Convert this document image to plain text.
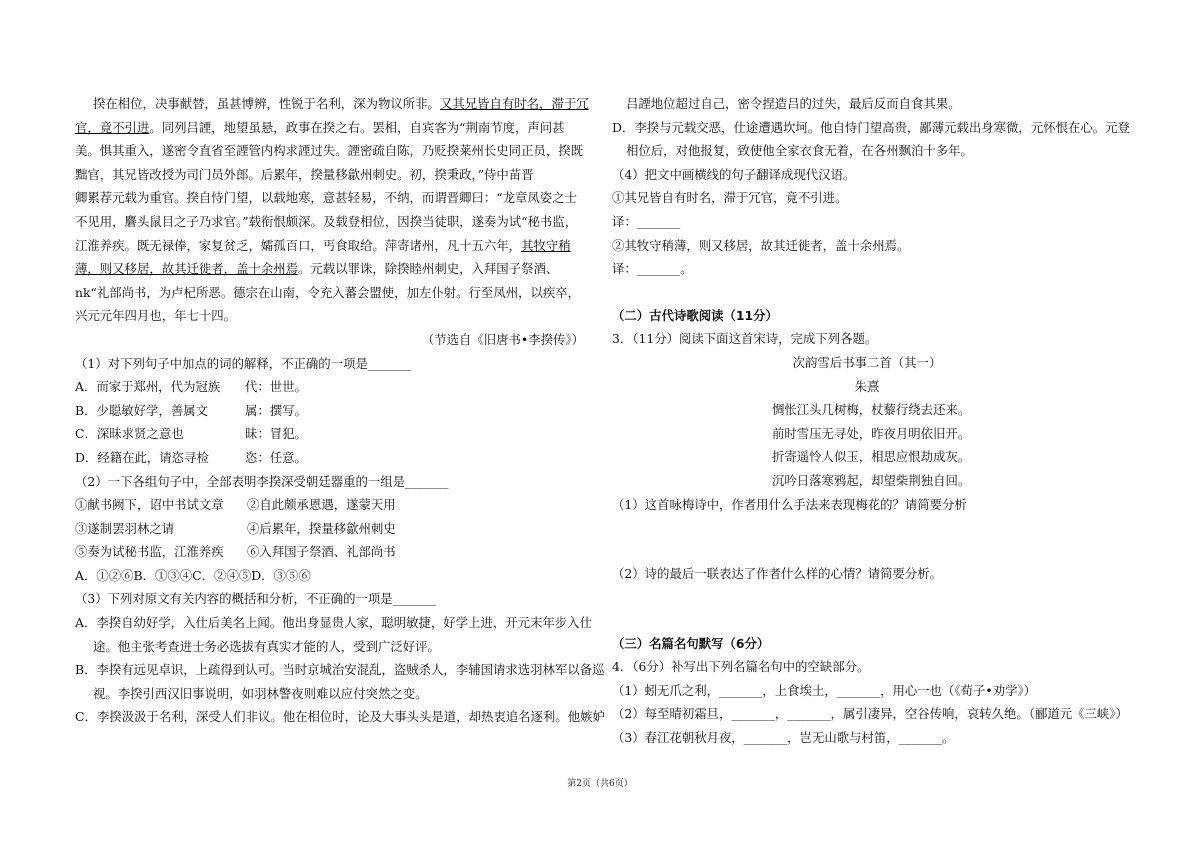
揆在相位，决事献替，虽甚博辨，性锐于名利，深为物议所非。又其兄皆自有时名，滞于冗
官，竟不引进。同列吕諲，地望虽悬，政事在揆之右。罢相，自宾客为“荆南节度，声问甚
美。惧其重入，遂密令直省至諲管内构求諲过失。諲密疏自陈，乃贬揆莱州长史同正员，揆既
黜官，其兄皆改授为司门员外郎。后累年，揆量移歙州刺史。初，揆秉政，”侍中苗晋
卿累荐元载为重官。揆自恃门望，以载地寒，意甚轻易，不纳，而谓晋卿曰：“龙章凤姿之士
不见用，麏头鼠目之子乃求官。”载衔恨颇深。及载登相位，因揆当徒职，遂奏为试“秘书监，
江淮养疾。既无禄俸，家复贫乏，孀孤百口，丐食取给。萍寄诸州，凡十五六年，其牧守稍
薄，则又移居，故其迁徙者，盖十余州焉。元载以罪诛，除揆睦州刺史，入拜国子祭酒、
nk“礼部尚书，为卢杞所恶。德宗在山南，令充入蕃会盟使，加左仆射。行至凤州，以疾卒，
兴元元年四月也，年七十四。
（节选自《旧唐书•李揆传》）
（1）对下列句子中加点的词的解释，不正确的一项是_______
A．而家于郑州，代为冠族	代：世世。
B．少聪敏好学，善属文	属：撰写。
C．深昧求贤之意也	昧：冒犯。
D．经籍在此，请恣寻检	恣：任意。
（2）一下各组句子中，全部表明李揆深受朝廷器重的一组是_______
①献书阙下，诏中书试文章	②自此颇承恩遇，遂蒙天用
③遂制罢羽林之请	④后累年，揆量移歙州刺史
⑤奏为试秘书监，江淮养疾	⑥入拜国子祭酒、礼部尚书
A．①②⑥B．①③④C．②④⑤D．③⑤⑥
（3）下列对原文有关内容的概括和分析，不正确的一项是_______
A．李揆自幼好学，入仕后美名上闻。他出身显贵人家，聪明敏捷，好学上进，开元末年步入仕
途。他主张考查进士务必选拔有真实才能的人，受到广泛好评。
B．李揆有远见卓识，上疏得到认可。当时京城治安混乱，盗贼杀人，李辅国请求选羽林军以备巡
视。李揆引西汉旧事说明，如羽林警夜则难以应付突然之变。
C．李揆汲汲于名利，深受人们非议。他在相位时，论及大事头头是道，却热衷追名逐利。他嫉妒
吕諲地位超过自己，密令捏造吕的过失，最后反而自食其果。
D．李揆与元载交恶，仕途遭遇坎坷。他自恃门望高贵，鄙薄元载出身寒微，元怀恨在心。元登
相位后，对他报复，致使他全家衣食无着，在各州飘泊十多年。
（4）把文中画横线的句子翻译成现代汉语。
①其兄皆自有时名，滞于冗官，竟不引进。
译：_______
②其牧守稍薄，则又移居，故其迁徙者，盖十余州焉。
译：_______。
（二）古代诗歌阅读（11分）
3．（11分）阅读下面这首宋诗，完成下列各题。
次韵雪后书事二首（其一）
朱熹
惆怅江头几树梅，杖藜行绕去还来。
前时雪压无寻处，昨夜月明依旧开。
折寄遥怜人似玉，相思应恨劫成灰。
沉吟日落寒鸦起，却望柴荆独自回。
（1）这首咏梅诗中，作者用什么手法来表现梅花的？请简要分析
（2）诗的最后一联表达了作者什么样的心情？请简要分析。
（三）名篇名句默写（6分）
4．（6分）补写出下列名篇名句中的空缺部分。
（1）蚓无爪之利，_______，上食埃土，_______，用心一也（《荀子•劝学》）
（2）每至晴初霜旦，_______，_______，属引凄异，空谷传响，哀转久绝。（郦道元《三峡》）
（3）春江花朝秋月夜，_______，岂无山歌与村笛，_______。
第2页（共6页）
